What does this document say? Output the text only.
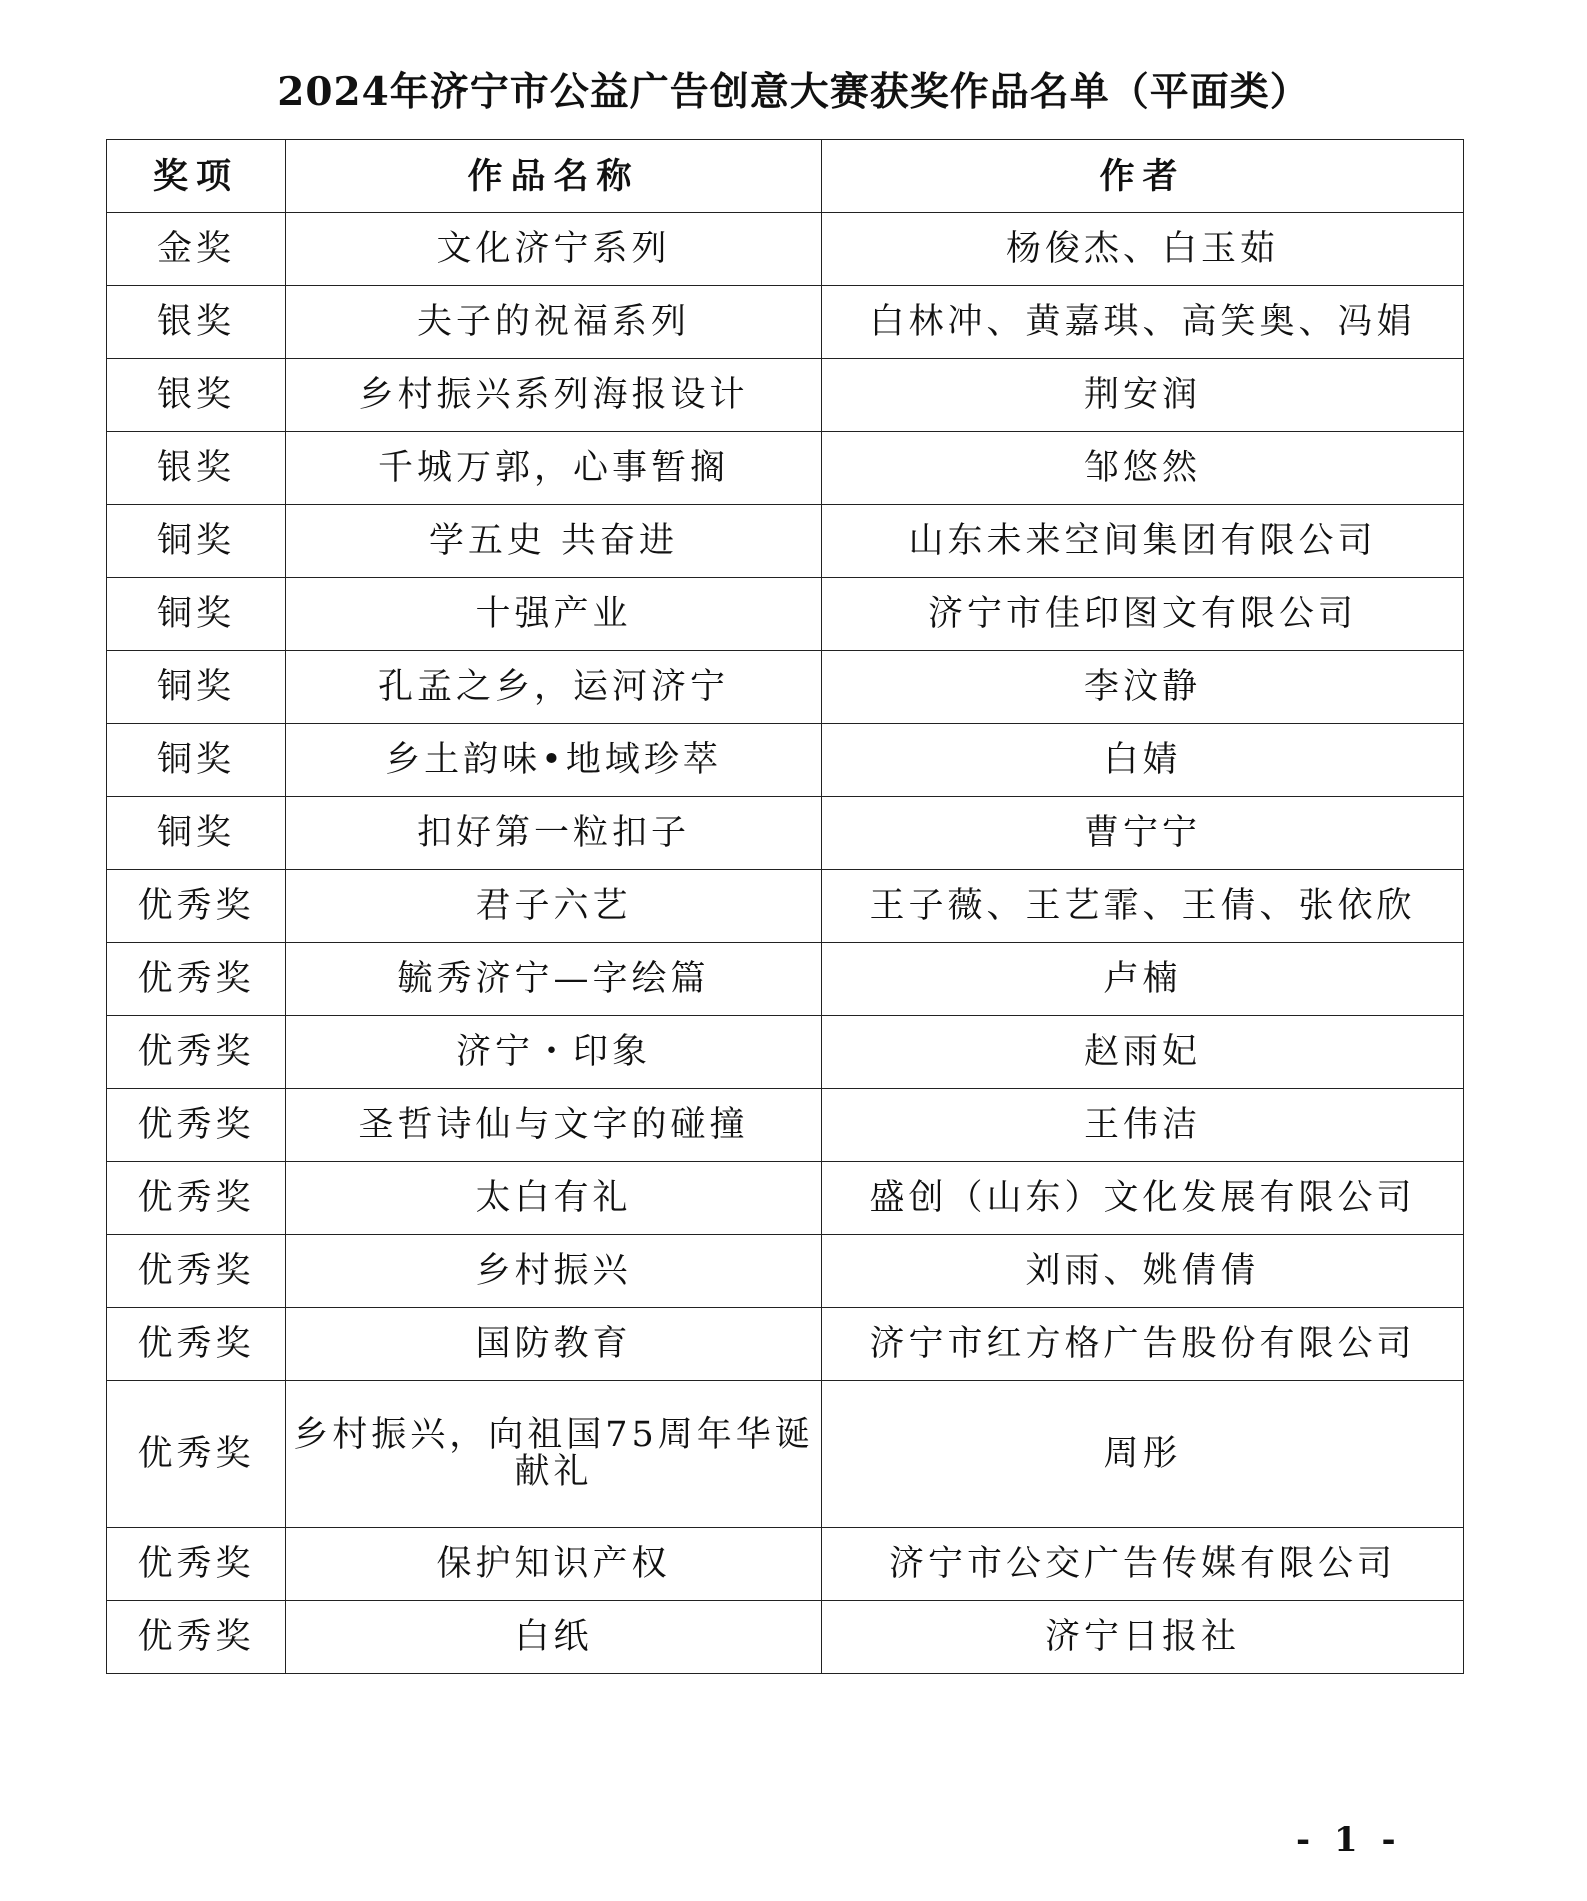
2024年济宁市公益广告创意大赛获奖作品名单（平面类）
奖项	作品名称	作者
金奖	文化济宁系列	杨俊杰、白玉茹
银奖	夫子的祝福系列	白林冲、黄嘉琪、高笑奥、冯娟
银奖	乡村振兴系列海报设计	荆安润
银奖	千城万郭，心事暂搁	邹悠然
铜奖	学五史 共奋进	山东未来空间集团有限公司
铜奖	十强产业	济宁市佳印图文有限公司
铜奖	孔孟之乡，运河济宁	李汶静
铜奖	乡土韵味•地域珍萃	白婧
铜奖	扣好第一粒扣子	曹宁宁
优秀奖	君子六艺	王子薇、王艺霏、王倩、张依欣
优秀奖	毓秀济宁—字绘篇	卢楠
优秀奖	济宁・印象	赵雨妃
优秀奖	圣哲诗仙与文字的碰撞	王伟洁
优秀奖	太白有礼	盛创（山东）文化发展有限公司
优秀奖	乡村振兴	刘雨、姚倩倩
优秀奖	国防教育	济宁市红方格广告股份有限公司
优秀奖	乡村振兴，向祖国75周年华诞献礼	周彤
优秀奖	保护知识产权	济宁市公交广告传媒有限公司
优秀奖	白纸	济宁日报社
- 1 -
